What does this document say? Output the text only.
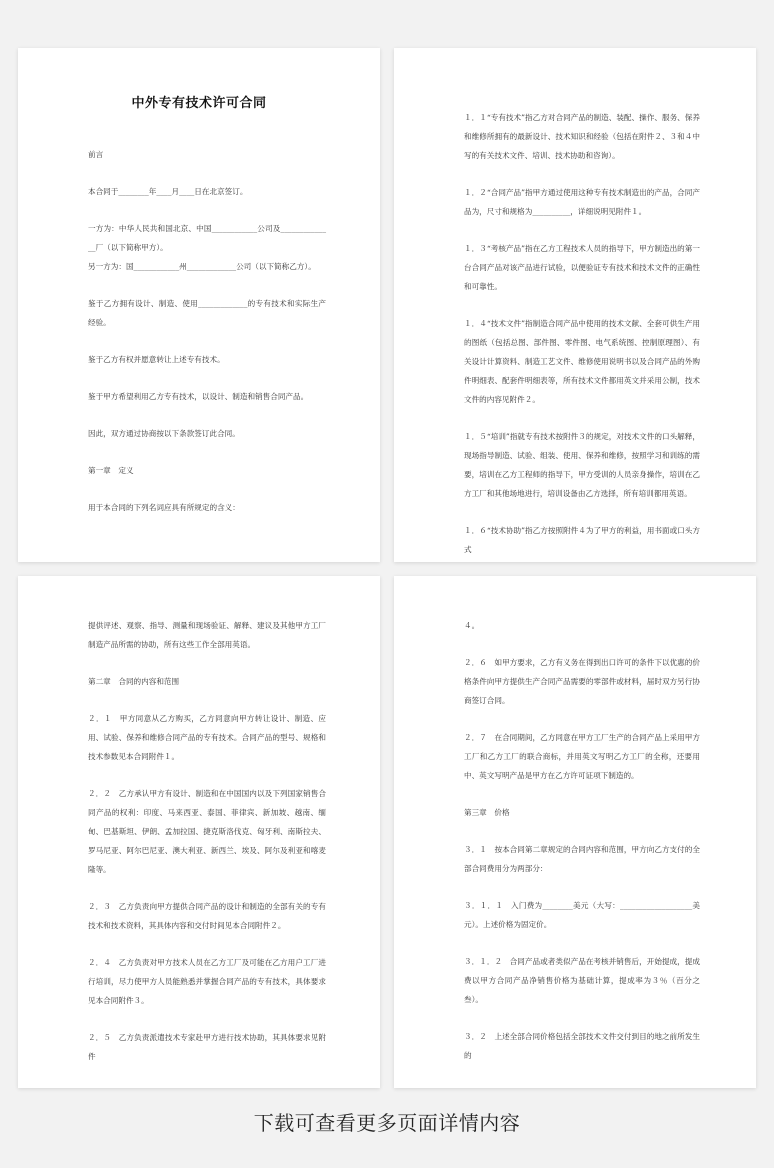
中外专有技术许可合同

前言

本合同于________年____月____日在北京签订。

一方为：中华人民共和国北京、中国____________公司及______________厂（以下简称甲方）。

另一方为：国____________州_____________公司（以下简称乙方）。

鉴于乙方拥有设计、制造、使用_____________的专有技术和实际生产经验。

鉴于乙方有权并愿意转让上述专有技术。

鉴于甲方希望利用乙方专有技术，以设计、制造和销售合同产品。

因此，双方通过协商按以下条款签订此合同。

第一章　定义

用于本合同的下列名词应具有所规定的含义：

１．１“专有技术”指乙方对合同产品的制造、装配、操作、服务、保养和维修所拥有的最新设计、技术知识和经验（包括在附件２、３和４中写的有关技术文件、培训、技术协助和咨询）。

１．２“合同产品”指甲方通过使用这种专有技术制造出的产品，合同产品为，尺寸和规格为__________，详细说明见附件１。

１．３“考核产品”指在乙方工程技术人员的指导下，甲方制造出的第一台合同产品对该产品进行试验，以便验证专有技术和技术文件的正确性和可靠性。

１．４“技术文件”指制造合同产品中使用的技术文献、全套可供生产用的图纸（包括总图、部件图、零件图、电气系统图、控制原理图）、有关设计计算资料、制造工艺文件、维修使用说明书以及合同产品的外购件明细表、配套件明细表等，所有技术文件都用英文并采用公制，技术文件的内容见附件２。

１．５“培训”指就专有技术按附件３的规定，对技术文件的口头解释，现场指导制造、试验、组装、使用、保养和维修，按照学习和训练的需要，培训在乙方工程师的指导下，甲方受训的人员亲身操作，培训在乙方工厂和其他场地进行，培训设备由乙方选择，所有培训都用英语。

１．６“技术协助”指乙方按照附件４为了甲方的利益，用书面或口头方式

提供评述、观察、指导、测量和现场验证、解释、建议及其他甲方工厂制造产品所需的协助，所有这些工作全部用英语。

第二章　合同的内容和范围

２．１　甲方同意从乙方购买，乙方同意向甲方转让设计、制造、应用、试验、保养和维修合同产品的专有技术。合同产品的型号、规格和技术参数见本合同附件１。

２．２　乙方承认甲方有设计、制造和在中国国内以及下列国家销售合同产品的权利：印度、马来西亚、泰国、菲律宾、新加坡、越南、缅甸、巴基斯坦、伊朗、孟加拉国、捷克斯洛伐克、匈牙利、南斯拉夫、罗马尼亚、阿尔巴尼亚、澳大利亚、新西兰、埃及、阿尔及利亚和喀麦隆等。

２．３　乙方负责向甲方提供合同产品的设计和制造的全部有关的专有技术和技术资料，其具体内容和交付时间见本合同附件２。

２．４　乙方负责对甲方技术人员在乙方工厂及可能在乙方用户工厂进行培训，尽力使甲方人员能熟悉并掌握合同产品的专有技术，具体要求见本合同附件３。

２．５　乙方负责派遣技术专家赴甲方进行技术协助，其具体要求见附件

４。

２．６　如甲方要求，乙方有义务在得到出口许可的条件下以优惠的价格条件向甲方提供生产合同产品需要的零部件或材料，届时双方另行协商签订合同。

２．７　在合同期间，乙方同意在甲方工厂生产的合同产品上采用甲方工厂和乙方工厂的联合商标，并用英文写明乙方工厂的全称，还要用中、英文写明产品是甲方在乙方许可证项下制造的。

第三章　价格

３．１　按本合同第二章规定的合同内容和范围，甲方向乙方支付的全部合同费用分为两部分：

３．１．１　入门费为________美元（大写：___________________美元）。上述价格为固定价。

３．１．２　合同产品或者类似产品在考核并销售后，开始提成，提成费以甲方合同产品净销售价格为基础计算，提成率为３％（百分之叁）。

３．２　上述全部合同价格包括全部技术文件交付到目的地之前所发生的

下载可查看更多页面详情内容
